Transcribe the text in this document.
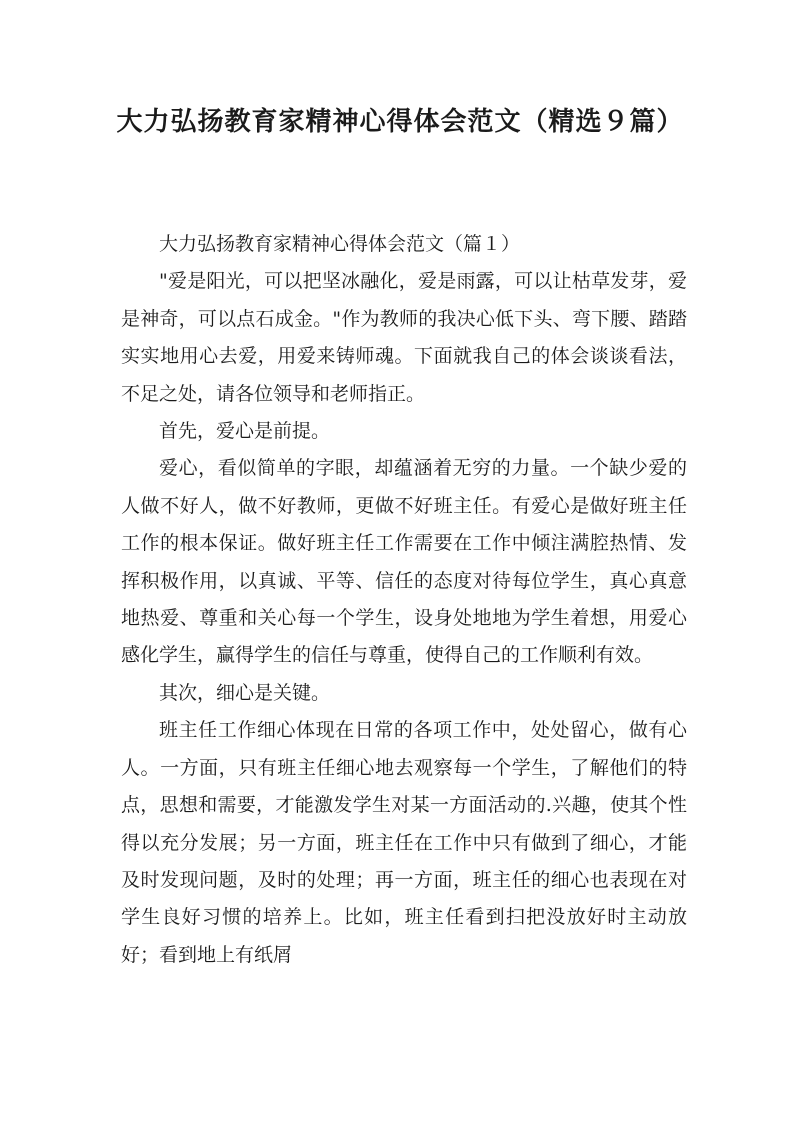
大力弘扬教育家精神心得体会范文（精选９篇）

大力弘扬教育家精神心得体会范文（篇１）

"爱是阳光，可以把坚冰融化，爱是雨露，可以让枯草发芽，爱是神奇，可以点石成金。"作为教师的我决心低下头、弯下腰、踏踏实实地用心去爱，用爱来铸师魂。下面就我自己的体会谈谈看法，不足之处，请各位领导和老师指正。

首先，爱心是前提。

爱心，看似简单的字眼，却蕴涵着无穷的力量。一个缺少爱的人做不好人，做不好教师，更做不好班主任。有爱心是做好班主任工作的根本保证。做好班主任工作需要在工作中倾注满腔热情、发挥积极作用，以真诚、平等、信任的态度对待每位学生，真心真意地热爱、尊重和关心每一个学生，设身处地地为学生着想，用爱心感化学生，赢得学生的信任与尊重，使得自己的工作顺利有效。

其次，细心是关键。

班主任工作细心体现在日常的各项工作中，处处留心，做有心人。一方面，只有班主任细心地去观察每一个学生，了解他们的特点，思想和需要，才能激发学生对某一方面活动的.兴趣，使其个性得以充分发展；另一方面，班主任在工作中只有做到了细心，才能及时发现问题，及时的处理；再一方面，班主任的细心也表现在对学生良好习惯的培养上。比如，班主任看到扫把没放好时主动放好；看到地上有纸屑
